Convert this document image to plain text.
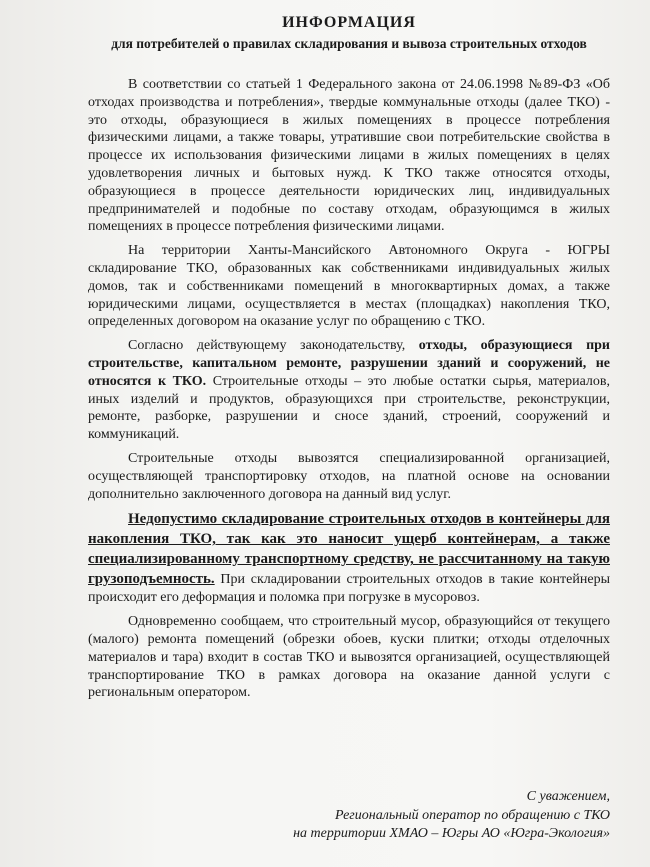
ИНФОРМАЦИЯ
для потребителей о правилах складирования и вывоза строительных отходов

В соответствии со статьей 1 Федерального закона от 24.06.1998 №89-ФЗ «Об отходах производства и потребления», твердые коммунальные отходы (далее ТКО) - это отходы, образующиеся в жилых помещениях в процессе потребления физическими лицами, а также товары, утратившие свои потребительские свойства в процессе их использования физическими лицами в жилых помещениях в целях удовлетворения личных и бытовых нужд. К ТКО также относятся отходы, образующиеся в процессе деятельности юридических лиц, индивидуальных предпринимателей и подобные по составу отходам, образующимся в жилых помещениях в процессе потребления физическими лицами.

На территории Ханты-Мансийского Автономного Округа - ЮГРЫ складирование ТКО, образованных как собственниками индивидуальных жилых домов, так и собственниками помещений в многоквартирных домах, а также юридическими лицами, осуществляется в местах (площадках) накопления ТКО, определенных договором на оказание услуг по обращению с ТКО.

Согласно действующему законодательству, отходы, образующиеся при строительстве, капитальном ремонте, разрушении зданий и сооружений, не относятся к ТКО. Строительные отходы – это любые остатки сырья, материалов, иных изделий и продуктов, образующихся при строительстве, реконструкции, ремонте, разборке, разрушении и сносе зданий, строений, сооружений и коммуникаций.

Строительные отходы вывозятся специализированной организацией, осуществляющей транспортировку отходов, на платной основе на основании дополнительно заключенного договора на данный вид услуг.

Недопустимо складирование строительных отходов в контейнеры для накопления ТКО, так как это наносит ущерб контейнерам, а также специализированному транспортному средству, не рассчитанному на такую грузоподъемность. При складировании строительных отходов в такие контейнеры происходит его деформация и поломка при погрузке в мусоровоз.

Одновременно сообщаем, что строительный мусор, образующийся от текущего (малого) ремонта помещений (обрезки обоев, куски плитки; отходы отделочных материалов и тара) входит в состав ТКО и вывозятся организацией, осуществляющей транспортирование ТКО в рамках договора на оказание данной услуги с региональным оператором.

С уважением,
Региональный оператор по обращению с ТКО
на территории ХМАО – Югры АО «Югра-Экология»
